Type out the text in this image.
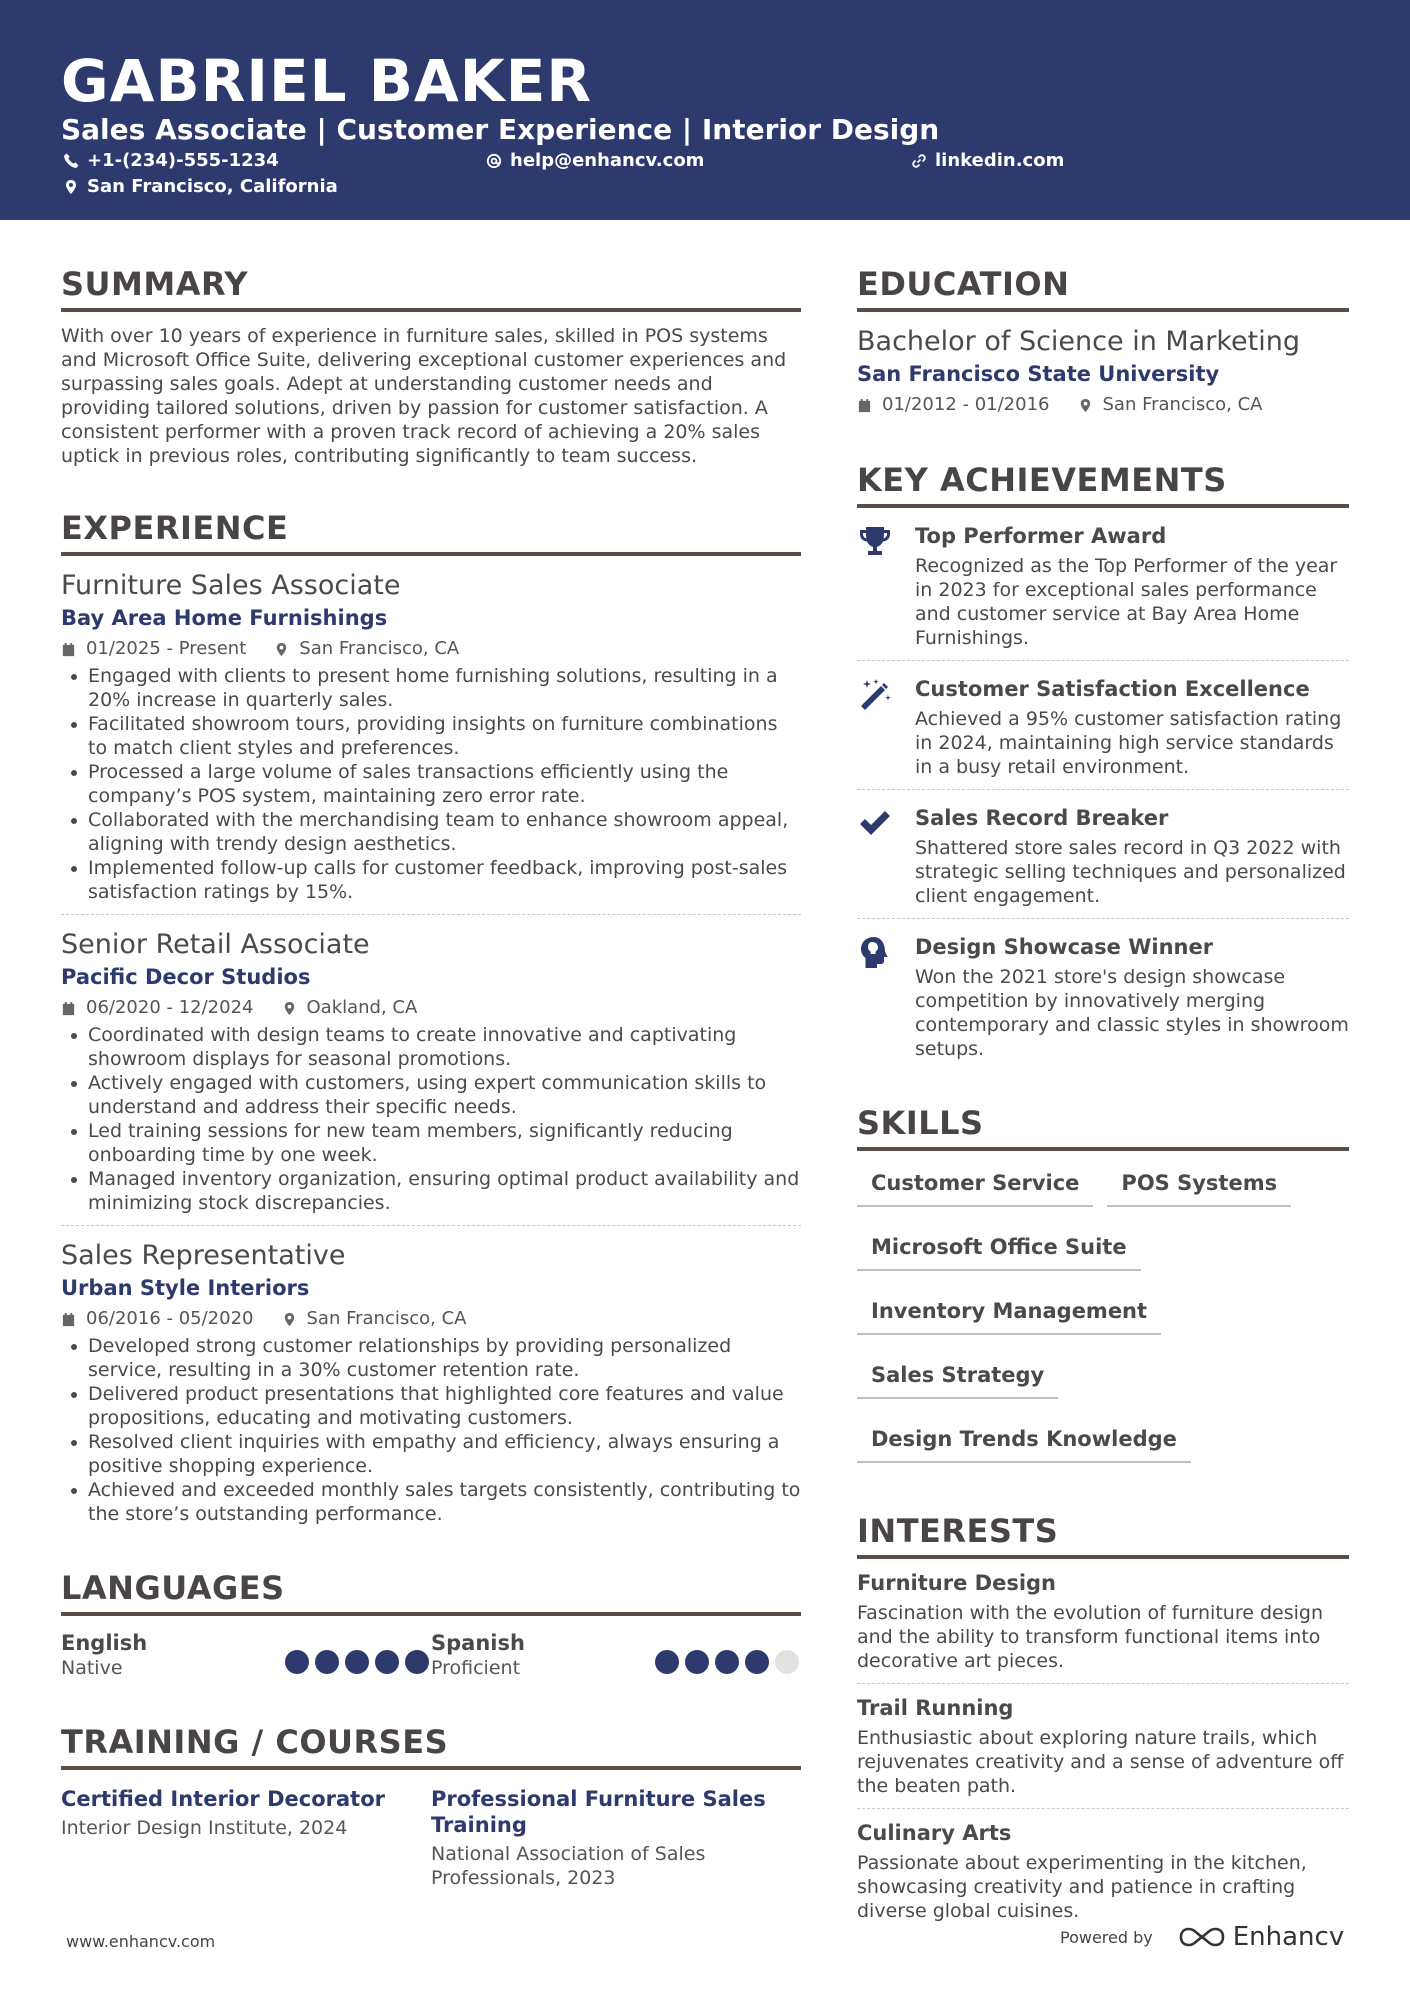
GABRIEL BAKER
Sales Associate | Customer Experience | Interior Design
+1-(234)-555-1234	help@enhancv.com	linkedin.com
San Francisco, California
SUMMARY

With over 10 years of experience in furniture sales, skilled in POS systems and Microsoft Office Suite, delivering exceptional customer experiences and surpassing sales goals. Adept at understanding customer needs and providing tailored solutions, driven by passion for customer satisfaction. A consistent performer with a proven track record of achieving a 20% sales uptick in previous roles, contributing significantly to team success.

EXPERIENCE
Furniture Sales Associate
Bay Area Home Furnishings
01/2025 - Present	San Francisco, CA
Engaged with clients to present home furnishing solutions, resulting in a 20% increase in quarterly sales.
Facilitated showroom tours, providing insights on furniture combinations to match client styles and preferences.
Processed a large volume of sales transactions efficiently using the company’s POS system, maintaining zero error rate.
Collaborated with the merchandising team to enhance showroom appeal, aligning with trendy design aesthetics.
Implemented follow-up calls for customer feedback, improving post-sales satisfaction ratings by 15%.
Senior Retail Associate
Pacific Decor Studios
06/2020 - 12/2024	Oakland, CA
Coordinated with design teams to create innovative and captivating showroom displays for seasonal promotions.
Actively engaged with customers, using expert communication skills to understand and address their specific needs.
Led training sessions for new team members, significantly reducing onboarding time by one week.
Managed inventory organization, ensuring optimal product availability and minimizing stock discrepancies.
Sales Representative
Urban Style Interiors
06/2016 - 05/2020	San Francisco, CA
Developed strong customer relationships by providing personalized service, resulting in a 30% customer retention rate.
Delivered product presentations that highlighted core features and value propositions, educating and motivating customers.
Resolved client inquiries with empathy and efficiency, always ensuring a positive shopping experience.
Achieved and exceeded monthly sales targets consistently, contributing to the store’s outstanding performance.
LANGUAGES
English
Native
Spanish
Proficient
TRAINING / COURSES
Certified Interior Decorator
Interior Design Institute, 2024
Professional Furniture Sales Training
National Association of Sales Professionals, 2023
EDUCATION
Bachelor of Science in Marketing
San Francisco State University
01/2012 - 01/2016	San Francisco, CA
KEY ACHIEVEMENTS
Top Performer Award
Recognized as the Top Performer of the year in 2023 for exceptional sales performance and customer service at Bay Area Home Furnishings.
Customer Satisfaction Excellence
Achieved a 95% customer satisfaction rating in 2024, maintaining high service standards in a busy retail environment.
Sales Record Breaker
Shattered store sales record in Q3 2022 with strategic selling techniques and personalized client engagement.
Design Showcase Winner
Won the 2021 store's design showcase competition by innovatively merging contemporary and classic styles in showroom setups.
SKILLS
Customer Service	POS Systems
Microsoft Office Suite
Inventory Management
Sales Strategy
Design Trends Knowledge
INTERESTS
Furniture Design
Fascination with the evolution of furniture design and the ability to transform functional items into decorative art pieces.
Trail Running
Enthusiastic about exploring nature trails, which rejuvenates creativity and a sense of adventure off the beaten path.
Culinary Arts
Passionate about experimenting in the kitchen, showcasing creativity and patience in crafting diverse global cuisines.
www.enhancv.com	Powered by	Enhancv
